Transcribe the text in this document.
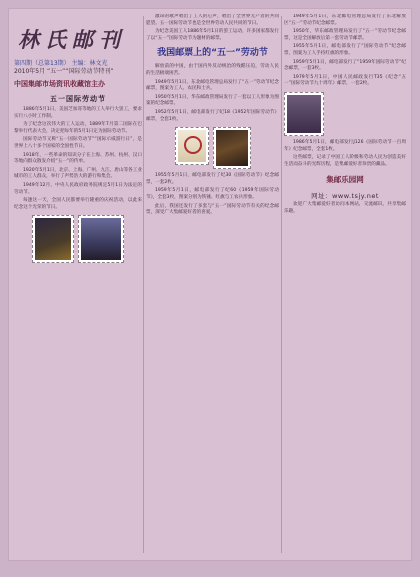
林氏邮刊
第四期（总第13期） 主编：林文光
2010年5月 “五一”“国际劳动节特刊”
中国集邮市场资讯收藏馆主办
五一国际劳动节

1886年5月1日，美国芝加哥等地的工人举行大罢工，要求实行八小时工作制。

为了纪念这次伟大的工人运动，1889年7月第二国际在巴黎举行代表大会，决定把每年的5月1日定为国际劳动节。

国际劳动节又称“五一国际劳动节”“国际示威游行日”，是世界上八十多个国家的全国性节日。

1918年，一些革命的知识分子在上海、苏州、杭州、汉口等地向群众散发介绍“五一”的传单。

1920年5月1日，北京、上海、广州、九江、唐山等各工业城市的工人群众，举行了声势浩大的游行和集会。

1949年12月，中央人民政府政务院规定5月1日为法定的劳动节。

每逢这一天，全国人民都要举行隆重的庆祝活动，以此来纪念这个光荣的节日。

激昂的歌声唱出了工人的心声，唱出了全世界无产者的共同愿望。五一国际劳动节也是全世界劳动人民共同的节日。

为纪念美国工人1886年5月1日的罢工运动，许多国家都发行了以“五一”国际劳动节为题材的邮票。

我国邮票上的“五一”劳动节

解放前的中国，由于国内外反动统治的残酷压迫，劳动人民的生活极端困苦。

1949年5月1日，东北邮电管理总局发行了“五一”劳动节纪念邮票，图案为工人、农民和士兵。

1950年5月1日，华东邮政管理局发行了一套以工人形象为图案的纪念邮票。

1952年5月1日，邮电部发行了纪18《1952年国际劳动节》邮票，全套1枚。

1955年5月1日，邮电部发行了纪30《国际劳动节》纪念邮票，一套2枚。

1959年5月1日，邮电部发行了纪60《1959年国际劳动节》，全套3枚，图案分别为铁锤、红旗与工农兵形象。

此后，我国还发行了多套与“五一”国际劳动节有关的纪念邮票，深受广大集邮爱好者的喜爱。

1949年5月1日，东北邮电管理总局发行了东北解放区“五一”劳动节纪念邮票。

1950年，华东邮政管理局发行了“五一”劳动节纪念邮票，这是全国解放后第一套劳动节邮票。

1955年5月1日，邮电部发行了“国际劳动节”纪念邮票，图案为工人手持红旗的形象。

1959年5月1日，邮电部发行了“1959年国际劳动节”纪念邮票，一套3枚。

1979年5月1日，中国人民邮政发行T35《纪念“五一”国际劳动节九十周年》邮票，一套2枚。

1986年5月1日，邮电部发行J126《国际劳动节一百周年》纪念邮票，全套1枚。

这些邮票，记录了中国工人阶级和劳动人民为创造美好生活而奋斗的光辉历程，是集邮爱好者珍贵的藏品。

集邮乐园网
网址：www.tsjy.net

欢迎广大集邮爱好者访问本网站，交流邮识，共享集邮乐趣。
